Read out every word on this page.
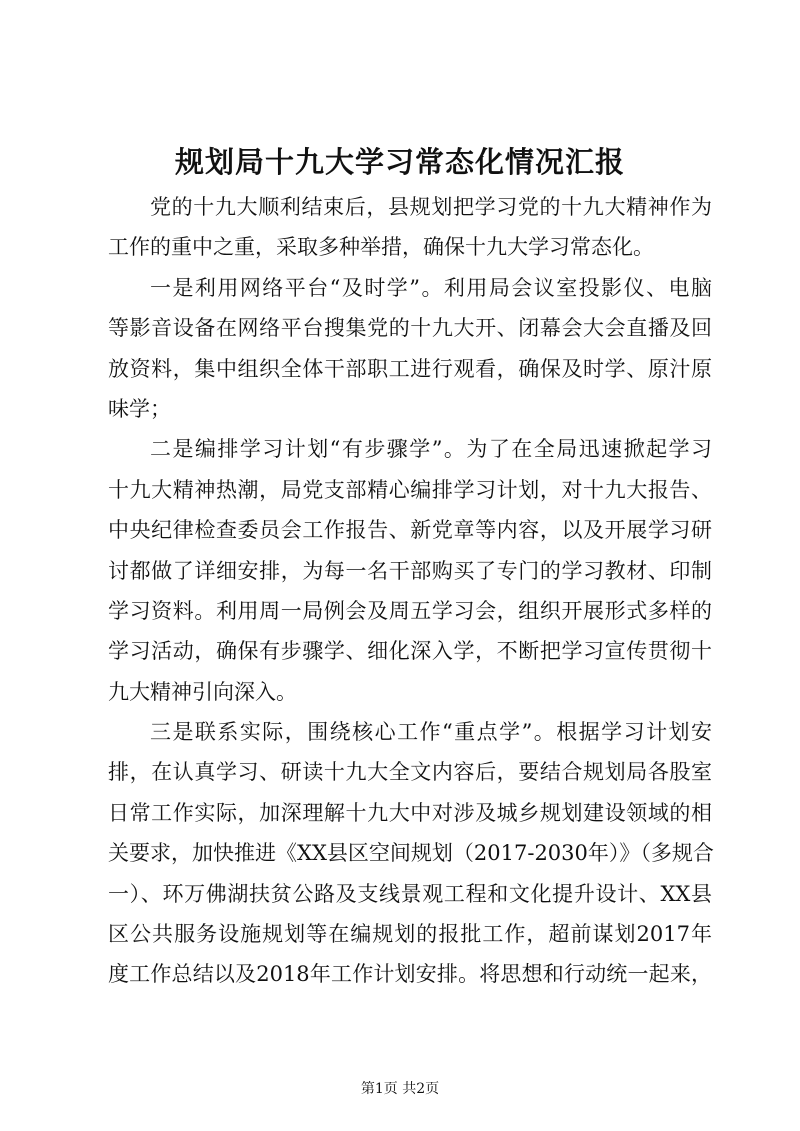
规划局十九大学习常态化情况汇报
党的十九大顺利结束后，县规划把学习党的十九大精神作为
工作的重中之重，采取多种举措，确保十九大学习常态化。
一是利用网络平台“及时学”。利用局会议室投影仪、电脑
等影音设备在网络平台搜集党的十九大开、闭幕会大会直播及回
放资料，集中组织全体干部职工进行观看，确保及时学、原汁原
味学；
二是编排学习计划“有步骤学”。为了在全局迅速掀起学习
十九大精神热潮，局党支部精心编排学习计划，对十九大报告、
中央纪律检查委员会工作报告、新党章等内容，以及开展学习研
讨都做了详细安排，为每一名干部购买了专门的学习教材、印制
学习资料。利用周一局例会及周五学习会，组织开展形式多样的
学习活动，确保有步骤学、细化深入学，不断把学习宣传贯彻十
九大精神引向深入。
三是联系实际，围绕核心工作“重点学”。根据学习计划安
排，在认真学习、研读十九大全文内容后，要结合规划局各股室
日常工作实际，加深理解十九大中对涉及城乡规划建设领域的相
关要求，加快推进《XX县区空间规划（2017-2030年）》（多规合
一）、环万佛湖扶贫公路及支线景观工程和文化提升设计、XX县
区公共服务设施规划等在编规划的报批工作，超前谋划2017年
度工作总结以及2018年工作计划安排。将思想和行动统一起来，
第1页 共2页
